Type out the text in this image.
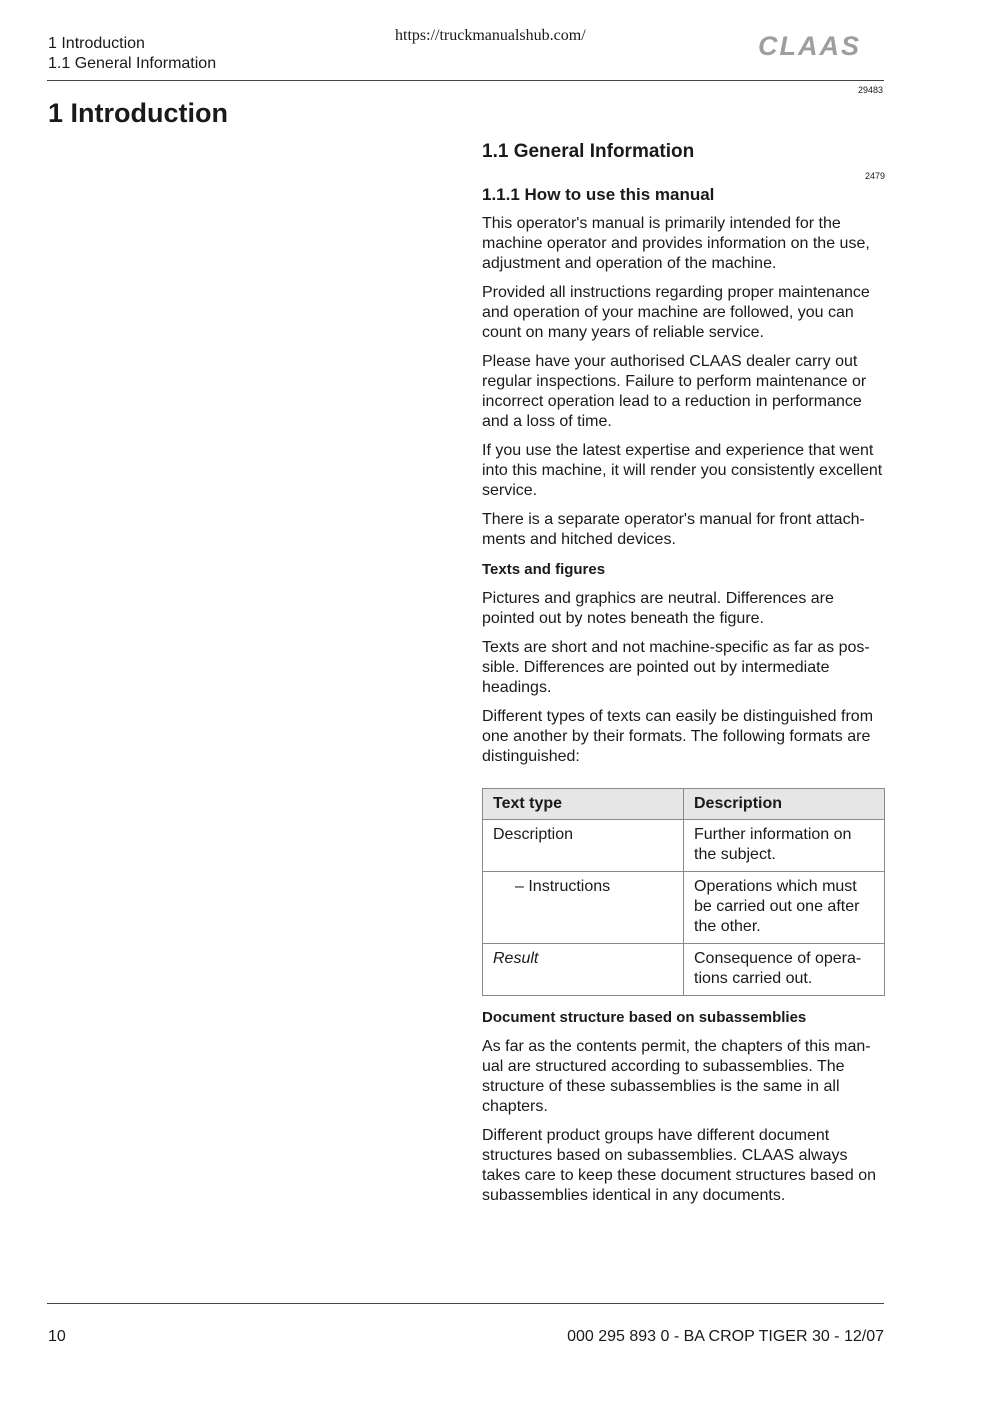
1 Introduction
1.1 General Information
https://truckmanualshub.com/	CLAAS
29483
1 Introduction
1.1 General Information
2479
1.1.1 How to use this manual

This operator's manual is primarily intended for the machine operator and provides information on the use, adjustment and operation of the machine.

Provided all instructions regarding proper maintenance and operation of your machine are followed, you can count on many years of reliable service.

Please have your authorised CLAAS dealer carry out regular inspections. Failure to perform maintenance or incorrect operation lead to a reduction in performance and a loss of time.

If you use the latest expertise and experience that went into this machine, it will render you consistently excellent service.

There is a separate operator's manual for front attachments and hitched devices.

Texts and figures

Pictures and graphics are neutral. Differences are pointed out by notes beneath the figure.

Texts are short and not machine-specific as far as possible. Differences are pointed out by intermediate headings.

Different types of texts can easily be distinguished from one another by their formats. The following formats are distinguished:

Text type	Description
Description	Further information on the subject.
– Instructions	Operations which must be carried out one after the other.
Result	Consequence of operations carried out.
Document structure based on subassemblies

As far as the contents permit, the chapters of this manual are structured according to subassemblies. The structure of these subassemblies is the same in all chapters.

Different product groups have different document structures based on subassemblies. CLAAS always takes care to keep these document structures based on subassemblies identical in any documents.

10	000 295 893 0 - BA CROP TIGER 30 - 12/07
